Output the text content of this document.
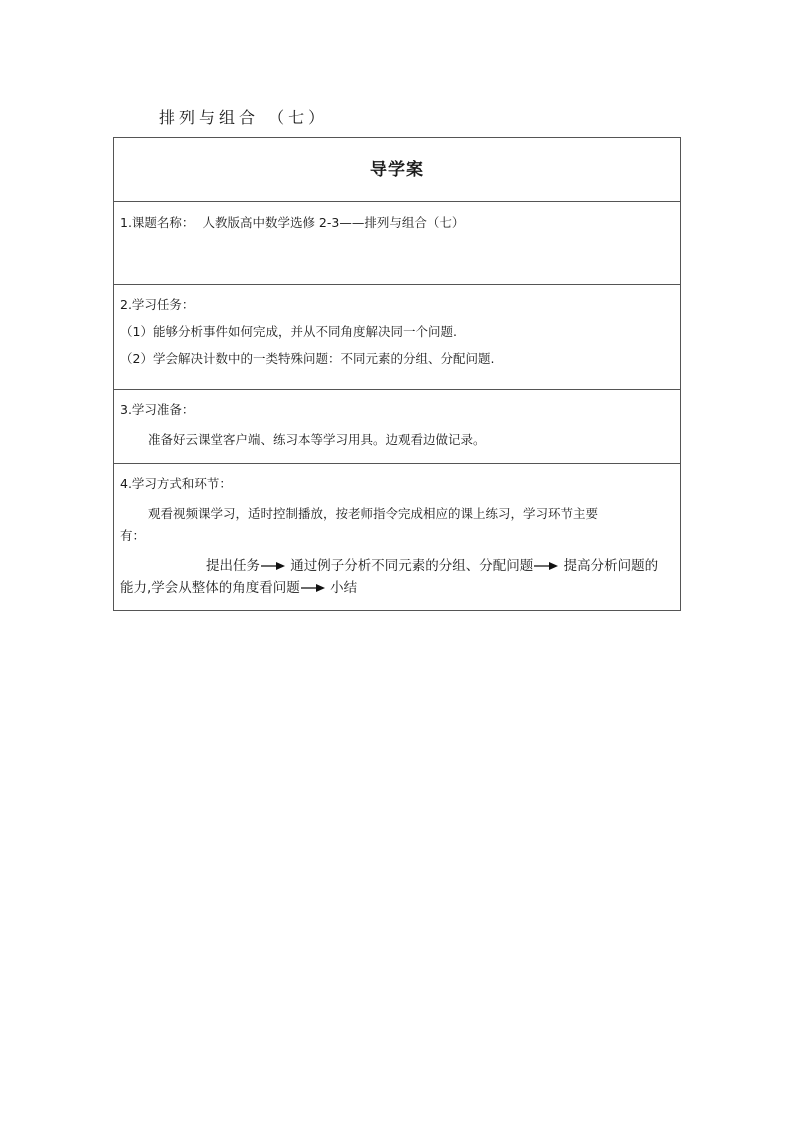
排列与组合 （七）
导学案
1.课题名称： 人教版高中数学选修 2-3——排列与组合（七）
2.学习任务：
（1）能够分析事件如何完成，并从不同角度解决同一个问题.
（2）学会解决计数中的一类特殊问题：不同元素的分组、分配问题.
3.学习准备：
准备好云课堂客户端、练习本等学习用具。边观看边做记录。
4.学习方式和环节：
观看视频课学习，适时控制播放，按老师指令完成相应的课上练习，学习环节主要
有：
提出任务 通过例子分析不同元素的分组、分配问题 提高分析问题的
能力,学会从整体的角度看问题 小结
